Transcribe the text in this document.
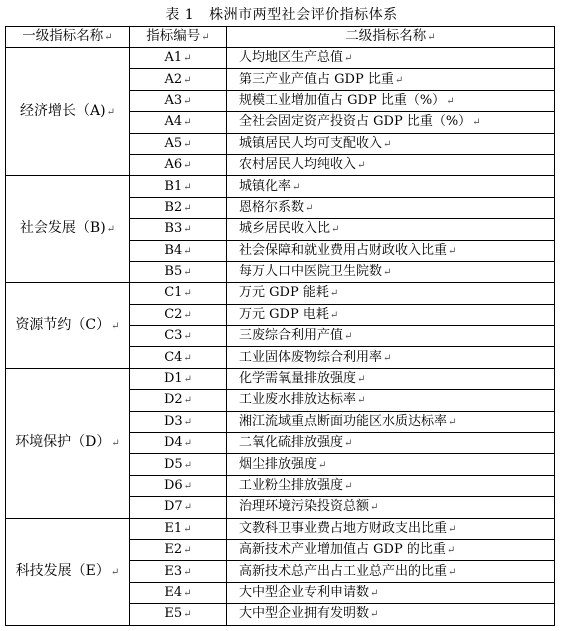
表 1 株洲市两型社会评价指标体系
一级指标名称↵	指标编号↵	二级指标名称↵
经济增长（A)↵	A1↵	人均地区生产总值↵
	A2↵	第三产业产值占 GDP 比重↵
	A3↵	规模工业增加值占 GDP 比重（%）↵
	A4↵	全社会固定资产投资占 GDP 比重（%）↵
	A5↵	城镇居民人均可支配收入↵
	A6↵	农村居民人均纯收入↵
社会发展（B)↵	B1↵	城镇化率↵
	B2↵	恩格尔系数↵
	B3↵	城乡居民收入比↵
	B4↵	社会保障和就业费用占财政收入比重↵
	B5↵	每万人口中医院卫生院数↵
资源节约（C）↵	C1↵	万元 GDP 能耗↵
	C2↵	万元 GDP 电耗↵
	C3↵	三废综合利用产值↵
	C4↵	工业固体废物综合利用率↵
环境保护（D）↵	D1↵	化学需氧量排放强度↵
	D2↵	工业废水排放达标率↵
	D3↵	湘江流域重点断面功能区水质达标率↵
	D4↵	二氧化硫排放强度↵
	D5↵	烟尘排放强度↵
	D6↵	工业粉尘排放强度↵
	D7↵	治理环境污染投资总额↵
科技发展（E）↵	E1↵	文教科卫事业费占地方财政支出比重↵
	E2↵	高新技术产业增加值占 GDP 的比重↵
	E3↵	高新技术总产出占工业总产出的比重↵
	E4↵	大中型企业专利申请数↵
	E5↵	大中型企业拥有发明数↵
